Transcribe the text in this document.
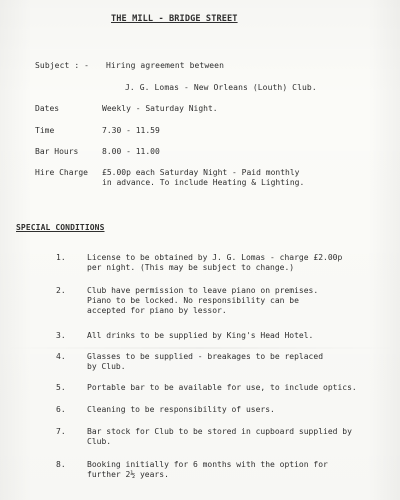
THE MILL - BRIDGE STREET
Subject : - Hiring agreement between
J. G. Lomas - New Orleans (Louth) Club.
Dates	Weekly - Saturday Night.
Time	7.30 - 11.59
Bar Hours	8.00 - 11.00
Hire Charge £5.00p each Saturday Night - Paid monthly
in advance. To include Heating & Lighting.
SPECIAL CONDITIONS
1.	License to be obtained by J. G. Lomas - charge £2.00p
per night. (This may be subject to change.)
2.	Club have permission to leave piano on premises.
Piano to be locked. No responsibility can be
accepted for piano by lessor.
3.	All drinks to be supplied by King's Head Hotel.
4.	Glasses to be supplied - breakages to be replaced
by Club.
5.	Portable bar to be available for use, to include optics.
6.	Cleaning to be responsibility of users.
7.	Bar stock for Club to be stored in cupboard supplied by
Club.
8.	Booking initially for 6 months with the option for
further 2½ years.
